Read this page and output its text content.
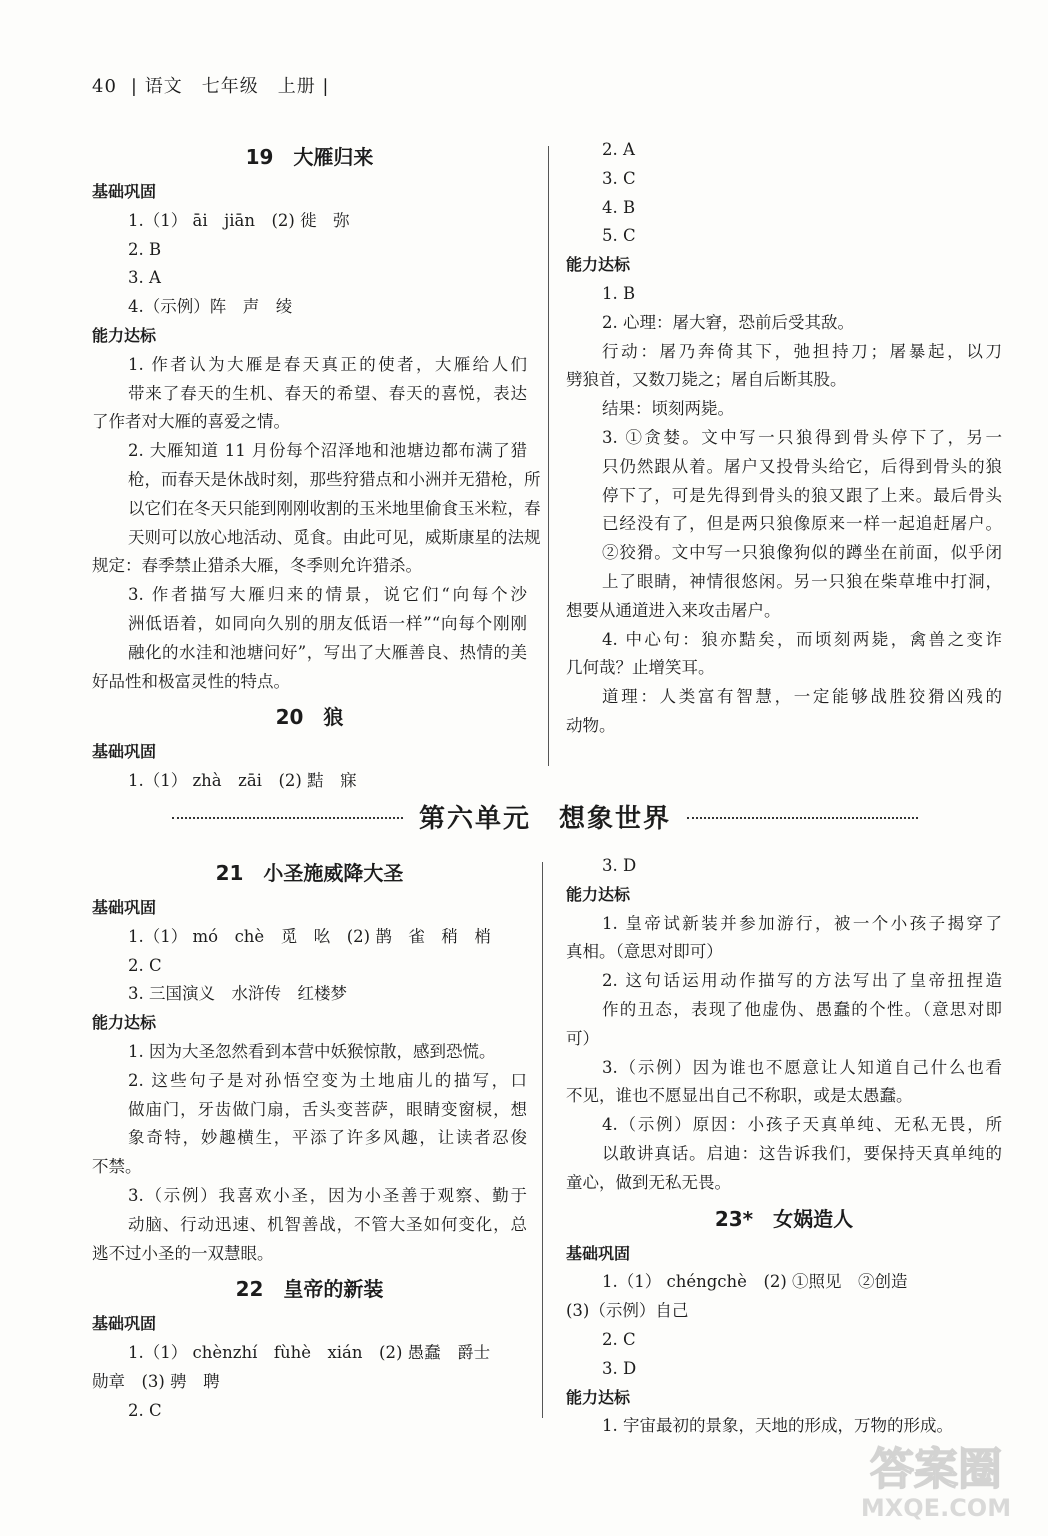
40 | 语文　七年级　上册 |

19　大雁归来

基础巩固

1.（1） āi　jiān　(2) 徙　弥

2. B

3. A

4.（示例）阵　声　绫

能力达标

1. 作者认为大雁是春天真正的使者，大雁给人们

带来了春天的生机、春天的希望、春天的喜悦，表达

了作者对大雁的喜爱之情。

2. 大雁知道 11 月份每个沼泽地和池塘边都布满了猎

枪，而春天是休战时刻，那些狩猎点和小洲并无猎枪，所

以它们在冬天只能到刚刚收割的玉米地里偷食玉米粒，春

天则可以放心地活动、觅食。由此可见，威斯康星的法规

规定：春季禁止猎杀大雁，冬季则允许猎杀。

3. 作者描写大雁归来的情景，说它们“向每个沙

洲低语着，如同向久别的朋友低语一样”“向每个刚刚

融化的水洼和池塘问好”，写出了大雁善良、热情的美

好品性和极富灵性的特点。

20　狼

基础巩固

1.（1） zhà　zāi　(2) 黠　寐

2. A

3. C

4. B

5. C

能力达标

1. B

2. 心理：屠大窘，恐前后受其敌。

行动：屠乃奔倚其下，弛担持刀；屠暴起，以刀

劈狼首，又数刀毙之；屠自后断其股。

结果：顷刻两毙。

3. ①贪婪。文中写一只狼得到骨头停下了，另一

只仍然跟从着。屠户又投骨头给它，后得到骨头的狼

停下了，可是先得到骨头的狼又跟了上来。最后骨头

已经没有了，但是两只狼像原来一样一起追赶屠户。

②狡猾。文中写一只狼像狗似的蹲坐在前面，似乎闭

上了眼睛，神情很悠闲。另一只狼在柴草堆中打洞，

想要从通道进入来攻击屠户。

4. 中心句：狼亦黠矣，而顷刻两毙，禽兽之变诈

几何哉？止增笑耳。

道理：人类富有智慧，一定能够战胜狡猾凶残的

动物。

第六单元　想象世界

21　小圣施威降大圣

基础巩固

1.（1） mó　chè　觅　吆　(2) 鹊　雀　稍　梢

2. C

3. 三国演义　水浒传　红楼梦

能力达标

1. 因为大圣忽然看到本营中妖猴惊散，感到恐慌。

2. 这些句子是对孙悟空变为土地庙儿的描写，口

做庙门，牙齿做门扇，舌头变菩萨，眼睛变窗棂，想

象奇特，妙趣横生，平添了许多风趣，让读者忍俊

不禁。

3.（示例）我喜欢小圣，因为小圣善于观察、勤于

动脑、行动迅速、机智善战，不管大圣如何变化，总

逃不过小圣的一双慧眼。

22　皇帝的新装

基础巩固

1.（1） chènzhí　fùhè　xián　(2) 愚蠢　爵士

勋章　(3) 骋　聘

2. C

3. D

能力达标

1. 皇帝试新装并参加游行，被一个小孩子揭穿了

真相。（意思对即可）

2. 这句话运用动作描写的方法写出了皇帝扭捏造

作的丑态，表现了他虚伪、愚蠢的个性。（意思对即

可）

3.（示例）因为谁也不愿意让人知道自己什么也看

不见，谁也不愿显出自己不称职，或是太愚蠢。

4.（示例）原因：小孩子天真单纯、无私无畏，所

以敢讲真话。启迪：这告诉我们，要保持天真单纯的

童心，做到无私无畏。

23*　女娲造人

基础巩固

1.（1） chéngchè　(2) ①照见　②创造

(3)（示例）自己

2. C

3. D

能力达标

1. 宇宙最初的景象，天地的形成，万物的形成。

答案圈
MXQE.COM
